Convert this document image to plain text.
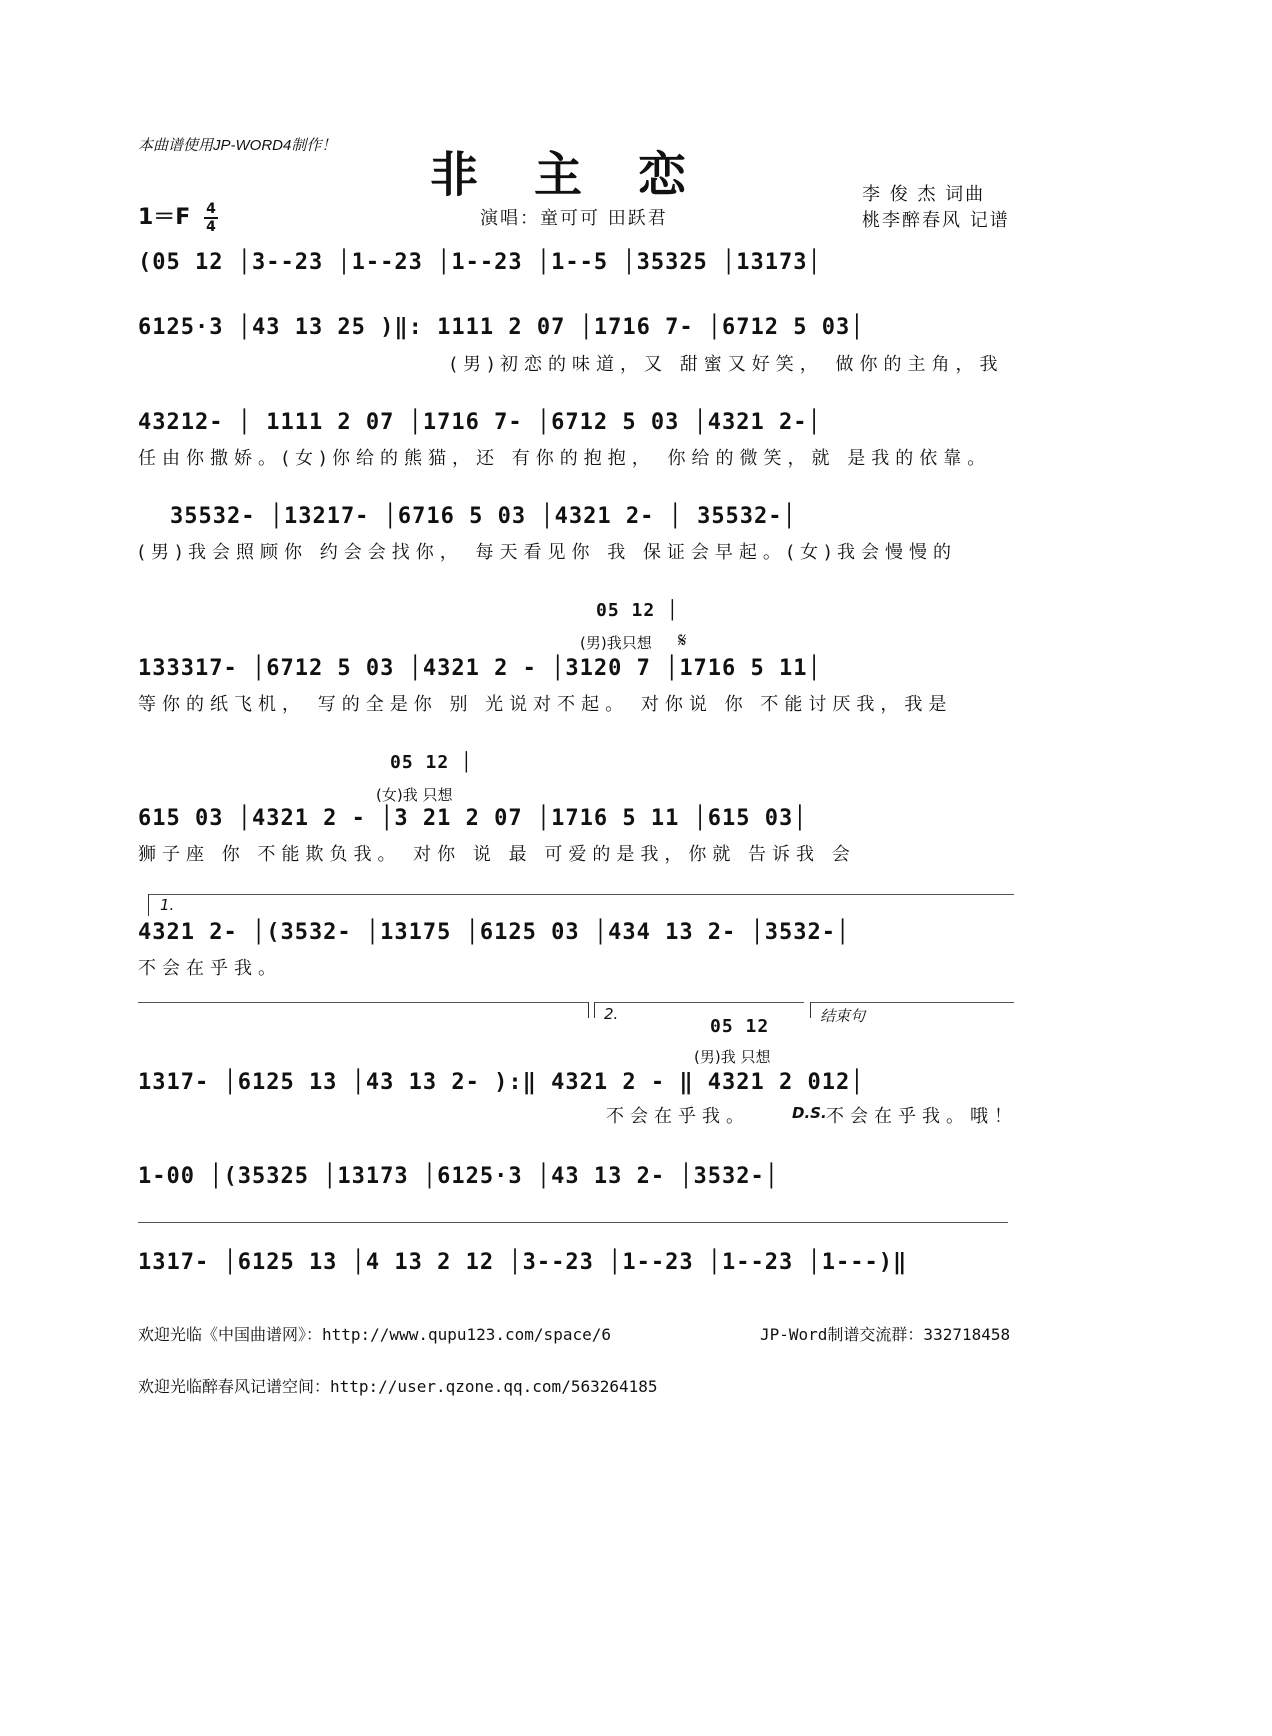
本曲谱使用JP-WORD4制作！
非主恋
$1=F \frac{4}{4}$	演唱：童可可 田跃君
李 俊 杰 词曲
桃李醉春风 记谱
(05 12 │3--23 │1--23 │1--23 │1--5 │35325 │13173│
6125·3 │43 13 25 )‖: 1111 2 07 │1716 7- │6712 5 03│
(男)初恋的味道，又 甜蜜又好笑， 做你的主角，我
43212- │ 1111 2 07 │1716 7- │6712 5 03 │4321 2-│
任由你撒娇。(女)你给的熊猫，还 有你的抱抱， 你给的微笑，就 是我的依靠。
35532- │13217- │6716 5 03 │4321 2- │ 35532-│
(男)我会照顾你 约会会找你， 每天看见你 我 保证会早起。(女)我会慢慢的
05 12 │
(男)我只想 𝄋
133317- │6712 5 03 │4321 2 - │3120 7 │1716 5 11│
等你的纸飞机， 写的全是你 别 光说对不起。 对你说 你 不能讨厌我，我是
05 12 │
(女)我 只想
615 03 │4321 2 - │3 21 2 07 │1716 5 11 │615 03│
狮子座 你 不能欺负我。 对你 说 最 可爱的是我，你就 告诉我 会
1.
4321 2- │(3532- │13175 │6125 03 │434 13 2- │3532-│
不会在乎我。
2.	结束句
05 12
(男)我 只想
1317- │6125 13 │43 13 2- ):‖ 4321 2 - ‖ 4321 2 012│
不会在乎我。	D.S. 不会在乎我。哦！
1-00 │(35325 │13173 │6125·3 │43 13 2- │3532-│
1317- │6125 13 │4 13 2 12 │3--23 │1--23 │1--23 │1---)‖
欢迎光临《中国曲谱网》：http://www.qupu123.com/space/6	JP-Word制谱交流群：332718458
欢迎光临醉春风记谱空间：http://user.qzone.qq.com/563264185
